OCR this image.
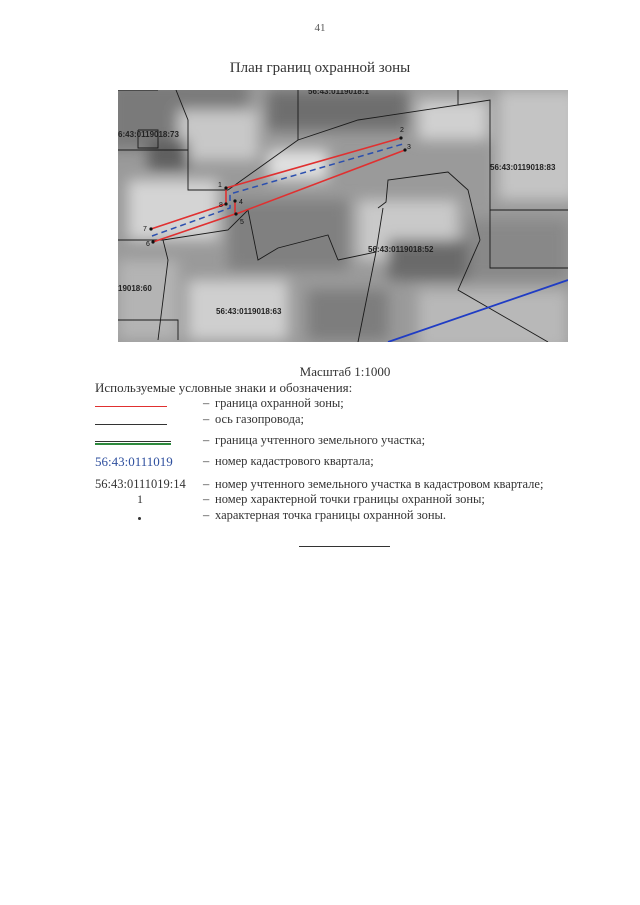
41
План границ охранной зоны
1
2
3
4
5
6
7
8
56:43:0119018:1
6:43:0119018:73
56:43:0119018:83
56:43:0119018:52
19018:60
56:43:0119018:63
Масштаб 1:1000
Используемые условные знаки и обозначения:
– граница охранной зоны;
– ось газопровода;
– граница учтенного земельного участка;
56:43:0111019 – номер кадастрового квартала;
56:43:0111019:14 – номер учтенного земельного участка в кадастровом квартале;
1	– номер характерной точки границы охранной зоны;
– характерная точка границы охранной зоны.
